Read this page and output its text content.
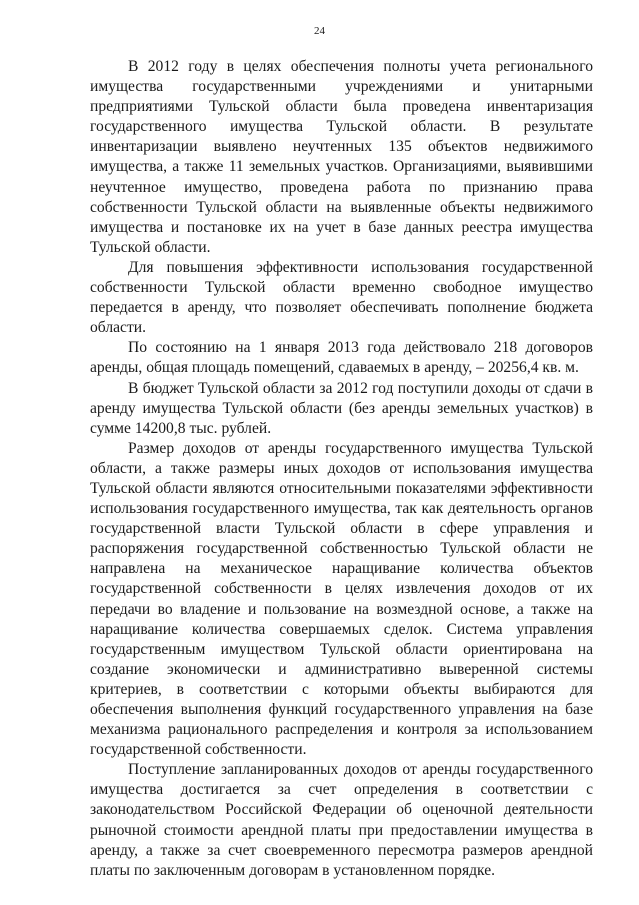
24

В 2012 году в целях обеспечения полноты учета регионального имущества государственными учреждениями и унитарными предприятиями Тульской области была проведена инвентаризация государственного имущества Тульской области. В результате инвентаризации выявлено неучтенных 135 объектов недвижимого имущества, а также 11 земельных участков. Организациями, выявившими неучтенное имущество, проведена работа по признанию права собственности Тульской области на выявленные объекты недвижимого имущества и постановке их на учет в базе данных реестра имущества Тульской области.

Для повышения эффективности использования государственной собственности Тульской области временно свободное имущество передается в аренду, что позволяет обеспечивать пополнение бюджета области.

По состоянию на 1 января 2013 года действовало 218 договоров аренды, общая площадь помещений, сдаваемых в аренду, – 20256,4 кв. м.

В бюджет Тульской области за 2012 год поступили доходы от сдачи в аренду имущества Тульской области (без аренды земельных участков) в сумме 14200,8 тыс. рублей.

Размер доходов от аренды государственного имущества Тульской области, а также размеры иных доходов от использования имущества Тульской области являются относительными показателями эффективности использования государственного имущества, так как деятельность органов государственной власти Тульской области в сфере управления и распоряжения государственной собственностью Тульской области не направлена на механическое наращивание количества объектов государственной собственности в целях извлечения доходов от их передачи во владение и пользование на возмездной основе, а также на наращивание количества совершаемых сделок. Система управления государственным имуществом Тульской области ориентирована на создание экономически и административно выверенной системы критериев, в соответствии с которыми объекты выбираются для обеспечения выполнения функций государственного управления на базе механизма рационального распределения и контроля за использованием государственной собственности.

Поступление запланированных доходов от аренды государственного имущества достигается за счет определения в соответствии с законодательством Российской Федерации об оценочной деятельности рыночной стоимости арендной платы при предоставлении имущества в аренду, а также за счет своевременного пересмотра размеров арендной платы по заключенным договорам в установленном порядке.
